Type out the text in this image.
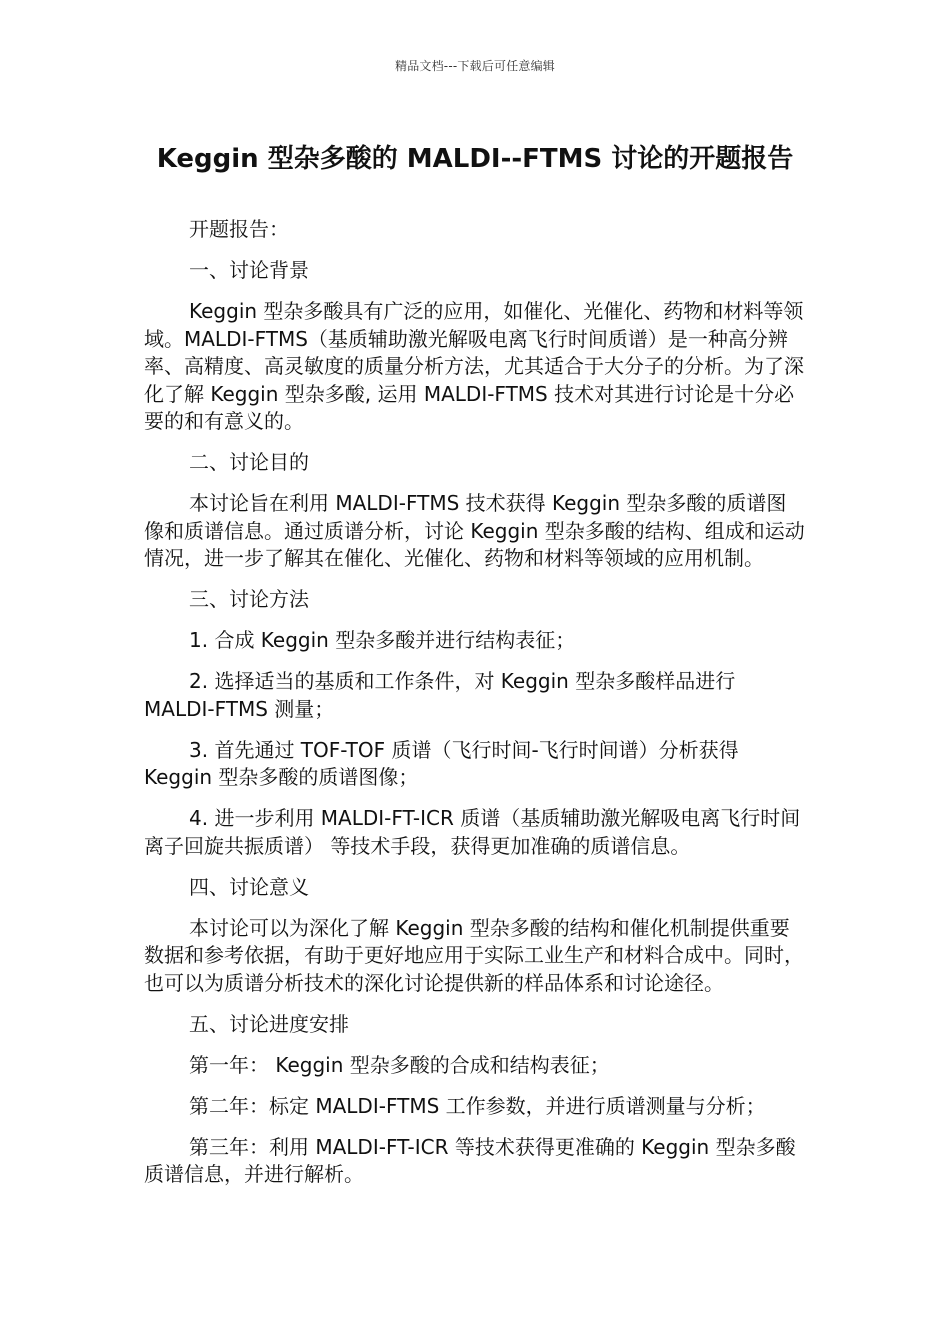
精品文档---下载后可任意编辑
Keggin 型杂多酸的 MALDI--FTMS 讨论的开题报告

开题报告：

一、讨论背景

Keggin 型杂多酸具有广泛的应用，如催化、光催化、药物和材料等领域。MALDI-FTMS（基质辅助激光解吸电离飞行时间质谱）是一种高分辨率、高精度、高灵敏度的质量分析方法，尤其适合于大分子的分析。为了深化了解 Keggin 型杂多酸, 运用 MALDI-FTMS 技术对其进行讨论是十分必要的和有意义的。

二、讨论目的

本讨论旨在利用 MALDI-FTMS 技术获得 Keggin 型杂多酸的质谱图像和质谱信息。通过质谱分析，讨论 Keggin 型杂多酸的结构、组成和运动情况，进一步了解其在催化、光催化、药物和材料等领域的应用机制。

三、讨论方法

1. 合成 Keggin 型杂多酸并进行结构表征；

2. 选择适当的基质和工作条件，对 Keggin 型杂多酸样品进行 MALDI-FTMS 测量；

3. 首先通过 TOF-TOF 质谱（飞行时间-飞行时间谱）分析获得 Keggin 型杂多酸的质谱图像；

4. 进一步利用 MALDI-FT-ICR 质谱（基质辅助激光解吸电离飞行时间离子回旋共振质谱） 等技术手段，获得更加准确的质谱信息。

四、讨论意义

本讨论可以为深化了解 Keggin 型杂多酸的结构和催化机制提供重要数据和参考依据，有助于更好地应用于实际工业生产和材料合成中。同时，也可以为质谱分析技术的深化讨论提供新的样品体系和讨论途径。

五、讨论进度安排

第一年： Keggin 型杂多酸的合成和结构表征；

第二年：标定 MALDI-FTMS 工作参数，并进行质谱测量与分析；

第三年：利用 MALDI-FT-ICR 等技术获得更准确的 Keggin 型杂多酸质谱信息，并进行解析。
